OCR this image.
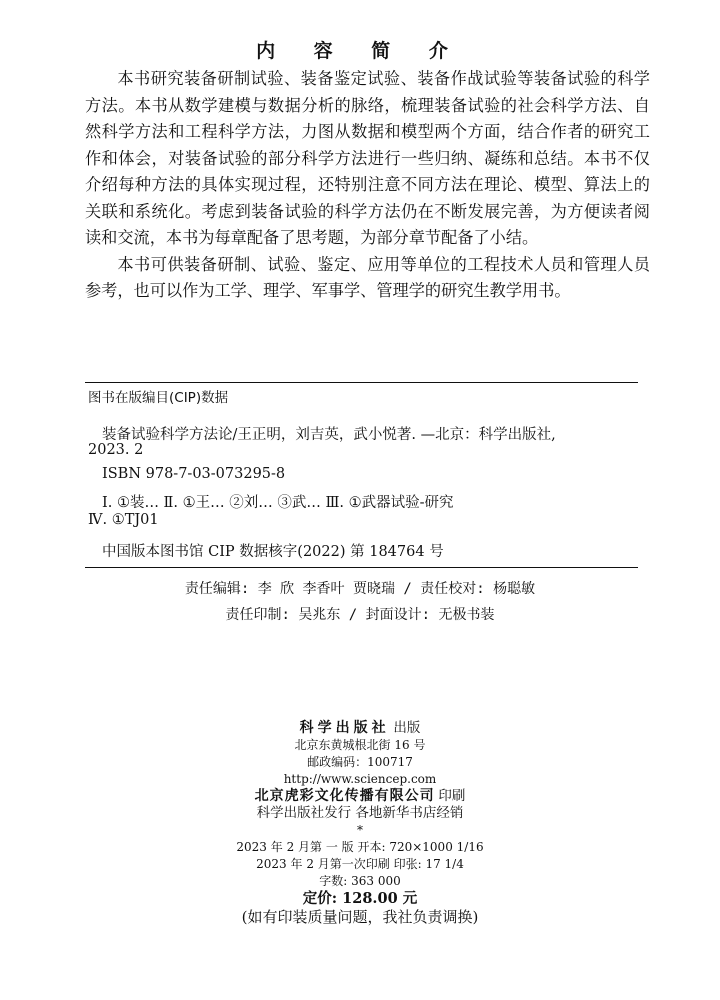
内 容 简 介

本书研究装备研制试验、装备鉴定试验、装备作战试验等装备试验的科学方法。本书从数学建模与数据分析的脉络，梳理装备试验的社会科学方法、自然科学方法和工程科学方法，力图从数据和模型两个方面，结合作者的研究工作和体会，对装备试验的部分科学方法进行一些归纳、凝练和总结。本书不仅介绍每种方法的具体实现过程，还特别注意不同方法在理论、模型、算法上的关联和系统化。考虑到装备试验的科学方法仍在不断发展完善，为方便读者阅读和交流，本书为每章配备了思考题，为部分章节配备了小结。

本书可供装备研制、试验、鉴定、应用等单位的工程技术人员和管理人员参考，也可以作为工学、理学、军事学、管理学的研究生教学用书。

图书在版编目(CIP)数据
装备试验科学方法论/王正明，刘吉英，武小悦著. —北京：科学出版社,
2023. 2
ISBN 978-7-03-073295-8
Ⅰ. ①装… Ⅱ. ①王… ②刘… ③武… Ⅲ. ①武器试验-研究
Ⅳ. ①TJ01
中国版本图书馆 CIP 数据核字(2022) 第 184764 号
责任编辑: 李 欣 李香叶 贾晓瑞 / 责任校对: 杨聪敏
责任印制: 吴兆东 / 封面设计: 无极书装
科学出版社 出版
北京东黄城根北街 16 号
邮政编码：100717
http://www.sciencep.com
北京虎彩文化传播有限公司 印刷
科学出版社发行 各地新华书店经销
*
2023 年 2 月第 一 版 开本: 720×1000 1/16
2023 年 2 月第一次印刷 印张: 17 1/4
字数: 363 000
定价: 128.00 元
(如有印装质量问题，我社负责调换)
